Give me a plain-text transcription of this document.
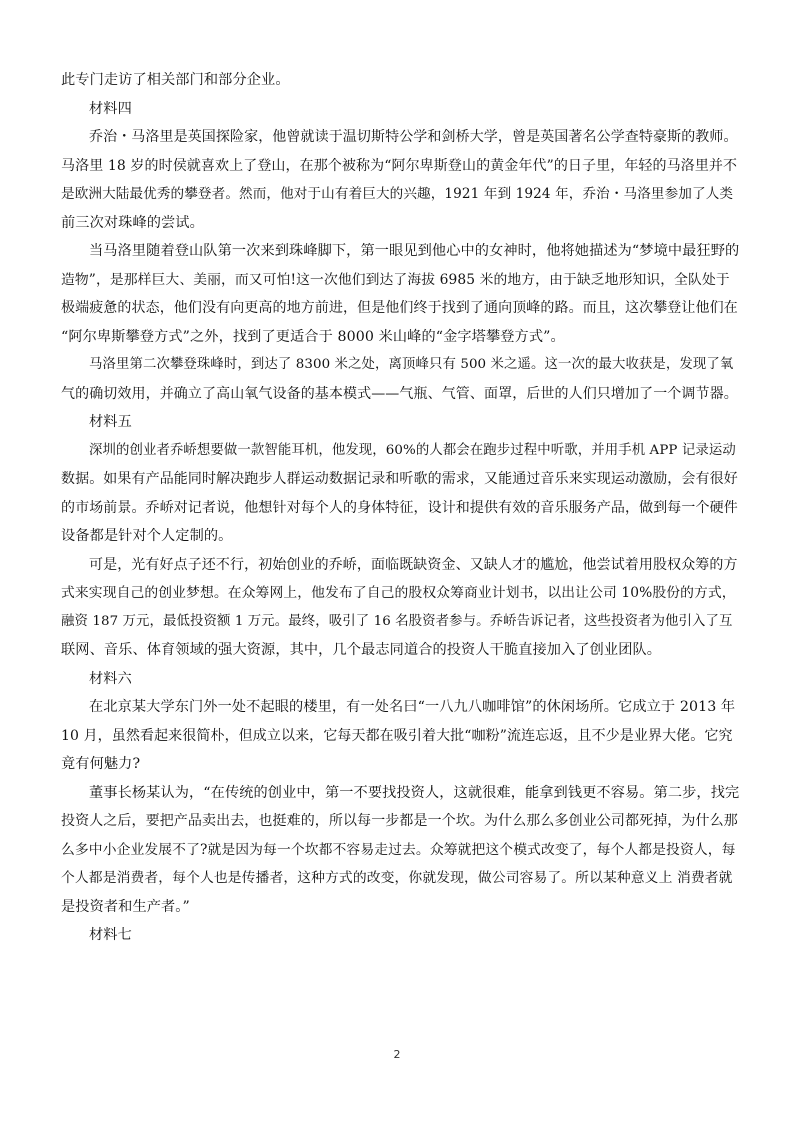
此专门走访了相关部门和部分企业。
材料四
乔治・马洛里是英国探险家，他曾就读于温切斯特公学和剑桥大学，曾是英国著名公学查特豪斯的教师。
马洛里 18 岁的时侯就喜欢上了登山，在那个被称为“阿尔卑斯登山的黄金年代”的日子里，年轻的马洛里并不
是欧洲大陆最优秀的攀登者。然而，他对于山有着巨大的兴趣，1921 年到 1924 年，乔治・马洛里参加了人类
前三次对珠峰的尝试。
当马洛里随着登山队第一次来到珠峰脚下，第一眼见到他心中的女神时，他将她描述为“梦境中最狂野的
造物”，是那样巨大、美丽，而又可怕!这一次他们到达了海拔 6985 米的地方，由于缺乏地形知识，全队处于
极端疲惫的状态，他们没有向更高的地方前进，但是他们终于找到了通向顶峰的路。而且，这次攀登让他们在
“阿尔卑斯攀登方式”之外，找到了更适合于 8000 米山峰的“金字塔攀登方式”。
马洛里第二次攀登珠峰时，到达了 8300 米之处，离顶峰只有 500 米之遥。这一次的最大收获是，发现了氧
气的确切效用，并确立了高山氧气设备的基本模式——气瓶、气管、面罩，后世的人们只增加了一个调节器。
材料五
深圳的创业者乔峤想要做一款智能耳机，他发现，60%的人都会在跑步过程中听歌，并用手机 APP 记录运动
数据。如果有产品能同时解决跑步人群运动数据记录和听歌的需求，又能通过音乐来实现运动激励，会有很好
的市场前景。乔峤对记者说，他想针对每个人的身体特征，设计和提供有效的音乐服务产品，做到每一个硬件
设备都是针对个人定制的。
可是，光有好点子还不行，初始创业的乔峤，面临既缺资金、又缺人才的尴尬，他尝试着用股权众筹的方
式来实现自己的创业梦想。在众筹网上，他发布了自己的股权众筹商业计划书，以出让公司 10%股份的方式，
融资 187 万元，最低投资额 1 万元。最终，吸引了 16 名股资者参与。乔峤告诉记者，这些投资者为他引入了互
联网、音乐、体育领域的强大资源，其中，几个最志同道合的投资人干脆直接加入了创业团队。
材料六
在北京某大学东门外一处不起眼的楼里，有一处名曰“一八九八咖啡馆”的休闲场所。它成立于 2013 年
10 月，虽然看起来很简朴，但成立以来，它每天都在吸引着大批“咖粉”流连忘返，且不少是业界大佬。它究
竟有何魅力?
董事长杨某认为，“在传统的创业中，第一不要找投资人，这就很难，能拿到钱更不容易。第二步，找完
投资人之后，要把产品卖出去，也挺难的，所以每一步都是一个坎。为什么那么多创业公司都死掉，为什么那
么多中小企业发展不了?就是因为每一个坎都不容易走过去。众筹就把这个模式改变了，每个人都是投资人，每
个人都是消费者，每个人也是传播者，这种方式的改变，你就发现，做公司容易了。所以某种意义上 消费者就
是投资者和生产者。”
材料七
2
